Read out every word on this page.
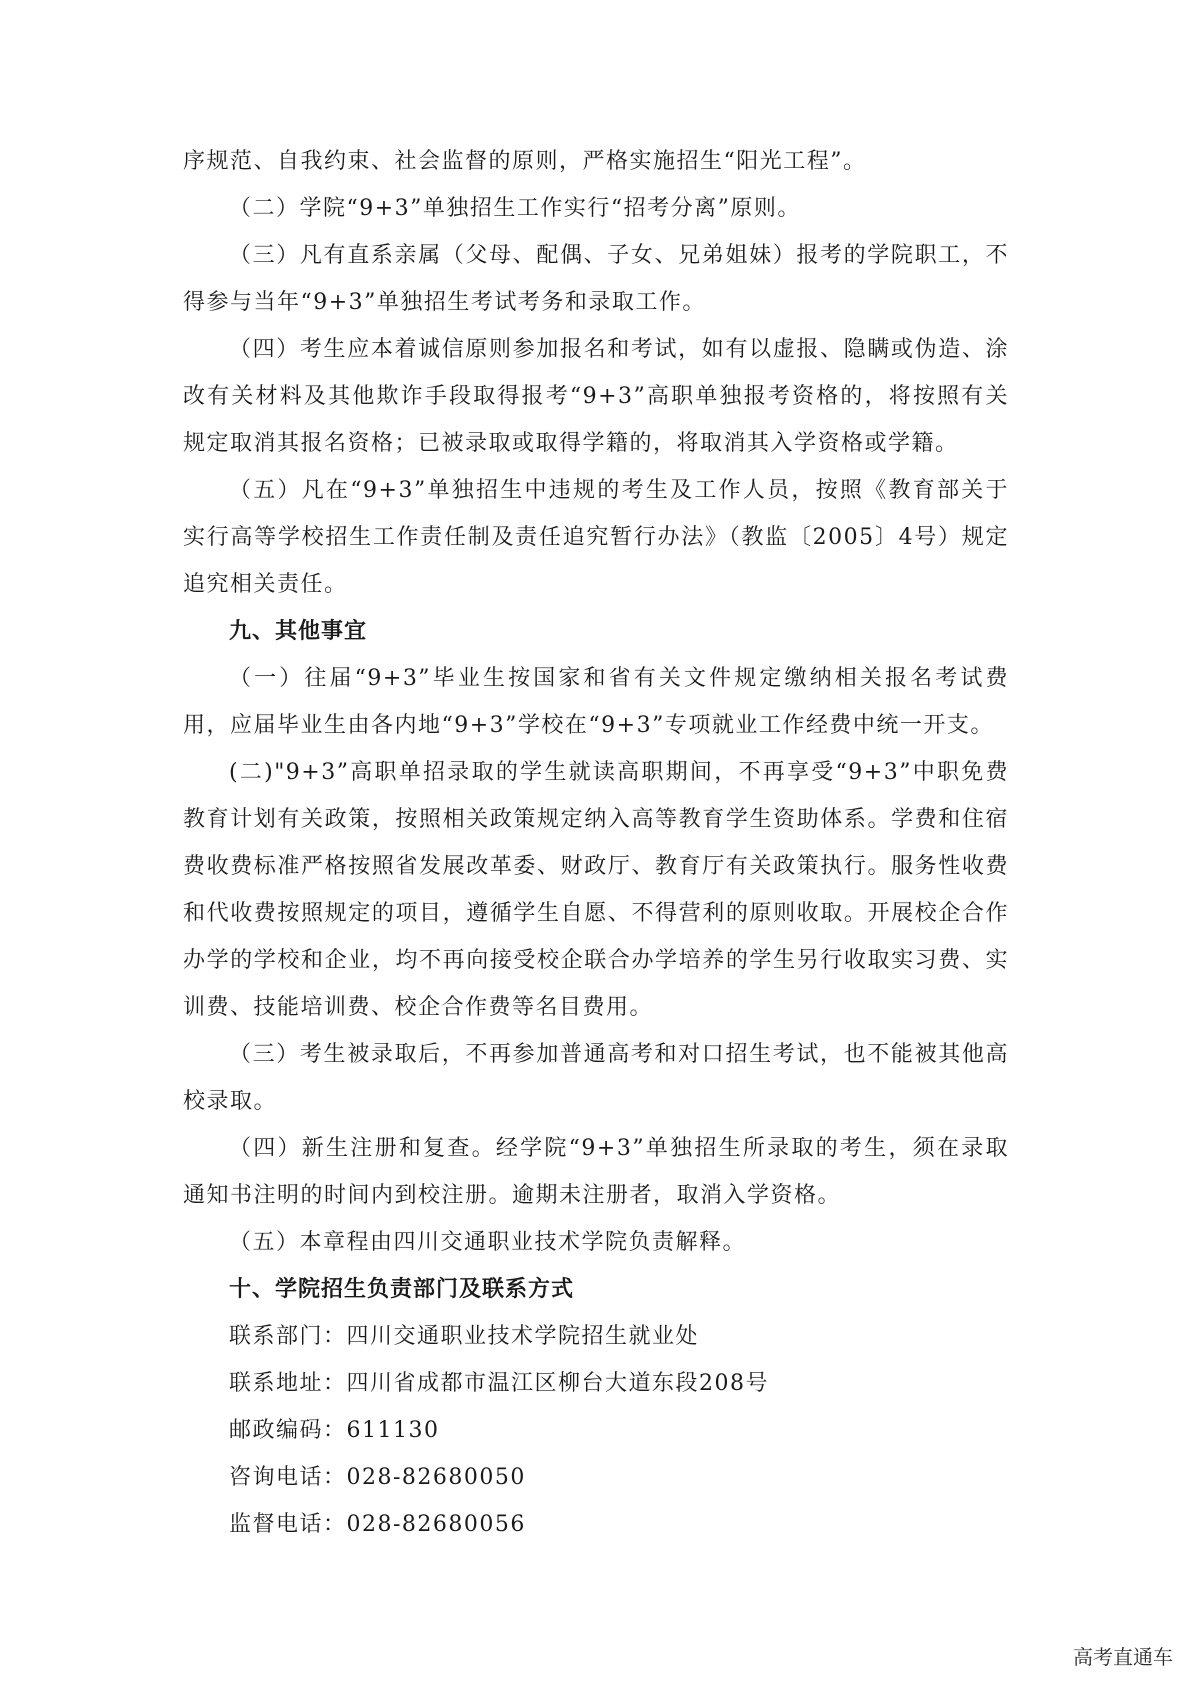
序规范、自我约束、社会监督的原则，严格实施招生“阳光工程”。

（二）学院“9+3”单独招生工作实行“招考分离”原则。

（三）凡有直系亲属（父母、配偶、子女、兄弟姐妹）报考的学院职工，不得参与当年“9+3”单独招生考试考务和录取工作。

（四）考生应本着诚信原则参加报名和考试，如有以虚报、隐瞒或伪造、涂改有关材料及其他欺诈手段取得报考“9+3”高职单独报考资格的，将按照有关规定取消其报名资格；已被录取或取得学籍的，将取消其入学资格或学籍。

（五）凡在“9+3”单独招生中违规的考生及工作人员，按照《教育部关于实行高等学校招生工作责任制及责任追究暂行办法》（教监〔2005〕4号）规定追究相关责任。

九、其他事宜

（一）往届“9+3”毕业生按国家和省有关文件规定缴纳相关报名考试费用，应届毕业生由各内地“9+3”学校在“9+3”专项就业工作经费中统一开支。

(二)"9+3”高职单招录取的学生就读高职期间，不再享受“9+3”中职免费教育计划有关政策，按照相关政策规定纳入高等教育学生资助体系。学费和住宿费收费标准严格按照省发展改革委、财政厅、教育厅有关政策执行。服务性收费和代收费按照规定的项目，遵循学生自愿、不得营利的原则收取。开展校企合作办学的学校和企业，均不再向接受校企联合办学培养的学生另行收取实习费、实训费、技能培训费、校企合作费等名目费用。

（三）考生被录取后，不再参加普通高考和对口招生考试，也不能被其他高校录取。

（四）新生注册和复查。经学院“9+3”单独招生所录取的考生，须在录取通知书注明的时间内到校注册。逾期未注册者，取消入学资格。

（五）本章程由四川交通职业技术学院负责解释。

十、学院招生负责部门及联系方式

联系部门：四川交通职业技术学院招生就业处

联系地址：四川省成都市温江区柳台大道东段208号

邮政编码：611130

咨询电话：028-82680050

监督电话：028-82680056

高考直通车
